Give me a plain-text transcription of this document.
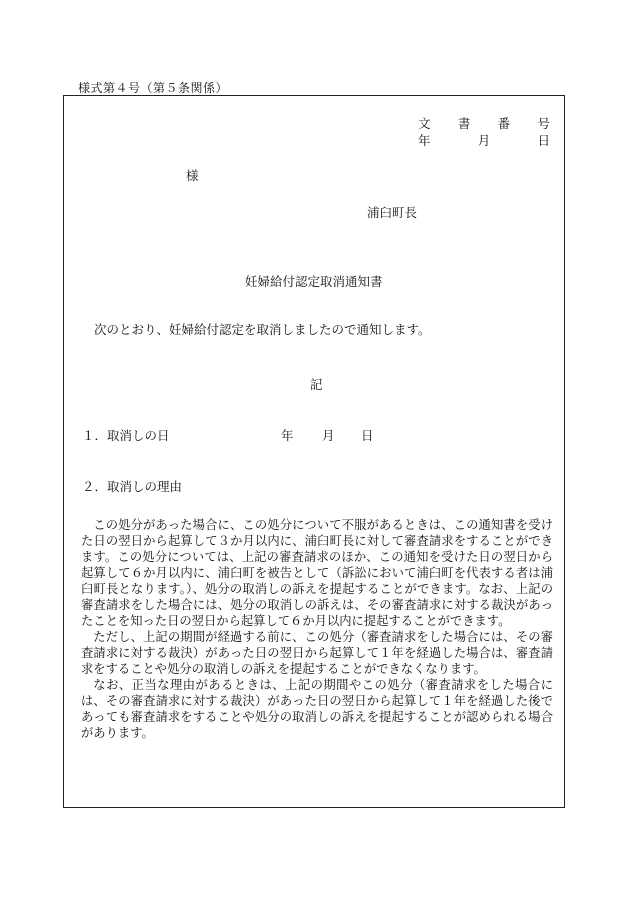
様式第４号（第５条関係）
文 書 番 号
年	月	日
様
浦臼町長
妊婦給付認定取消通知書
次のとおり、妊婦給付認定を取消しましたので通知します。
記
１．取消しの日	年 月 日
２．取消しの理由

この処分があった場合に、この処分について不服があるときは、この通知書を受けた日の翌日から起算して３か月以内に、浦臼町長に対して審査請求をすることができます。この処分については、上記の審査請求のほか、この通知を受けた日の翌日から起算して６か月以内に、浦臼町を被告として（訴訟において浦臼町を代表する者は浦臼町長となります。）、処分の取消しの訴えを提起することができます。なお、上記の審査請求をした場合には、処分の取消しの訴えは、その審査請求に対する裁決があったことを知った日の翌日から起算して６か月以内に提起することができます。

ただし、上記の期間が経過する前に、この処分（審査請求をした場合には、その審査請求に対する裁決）があった日の翌日から起算して１年を経過した場合は、審査請求をすることや処分の取消しの訴えを提起することができなくなります。

なお、正当な理由があるときは、上記の期間やこの処分（審査請求をした場合には、その審査請求に対する裁決）があった日の翌日から起算して１年を経過した後であっても審査請求をすることや処分の取消しの訴えを提起することが認められる場合があります。
